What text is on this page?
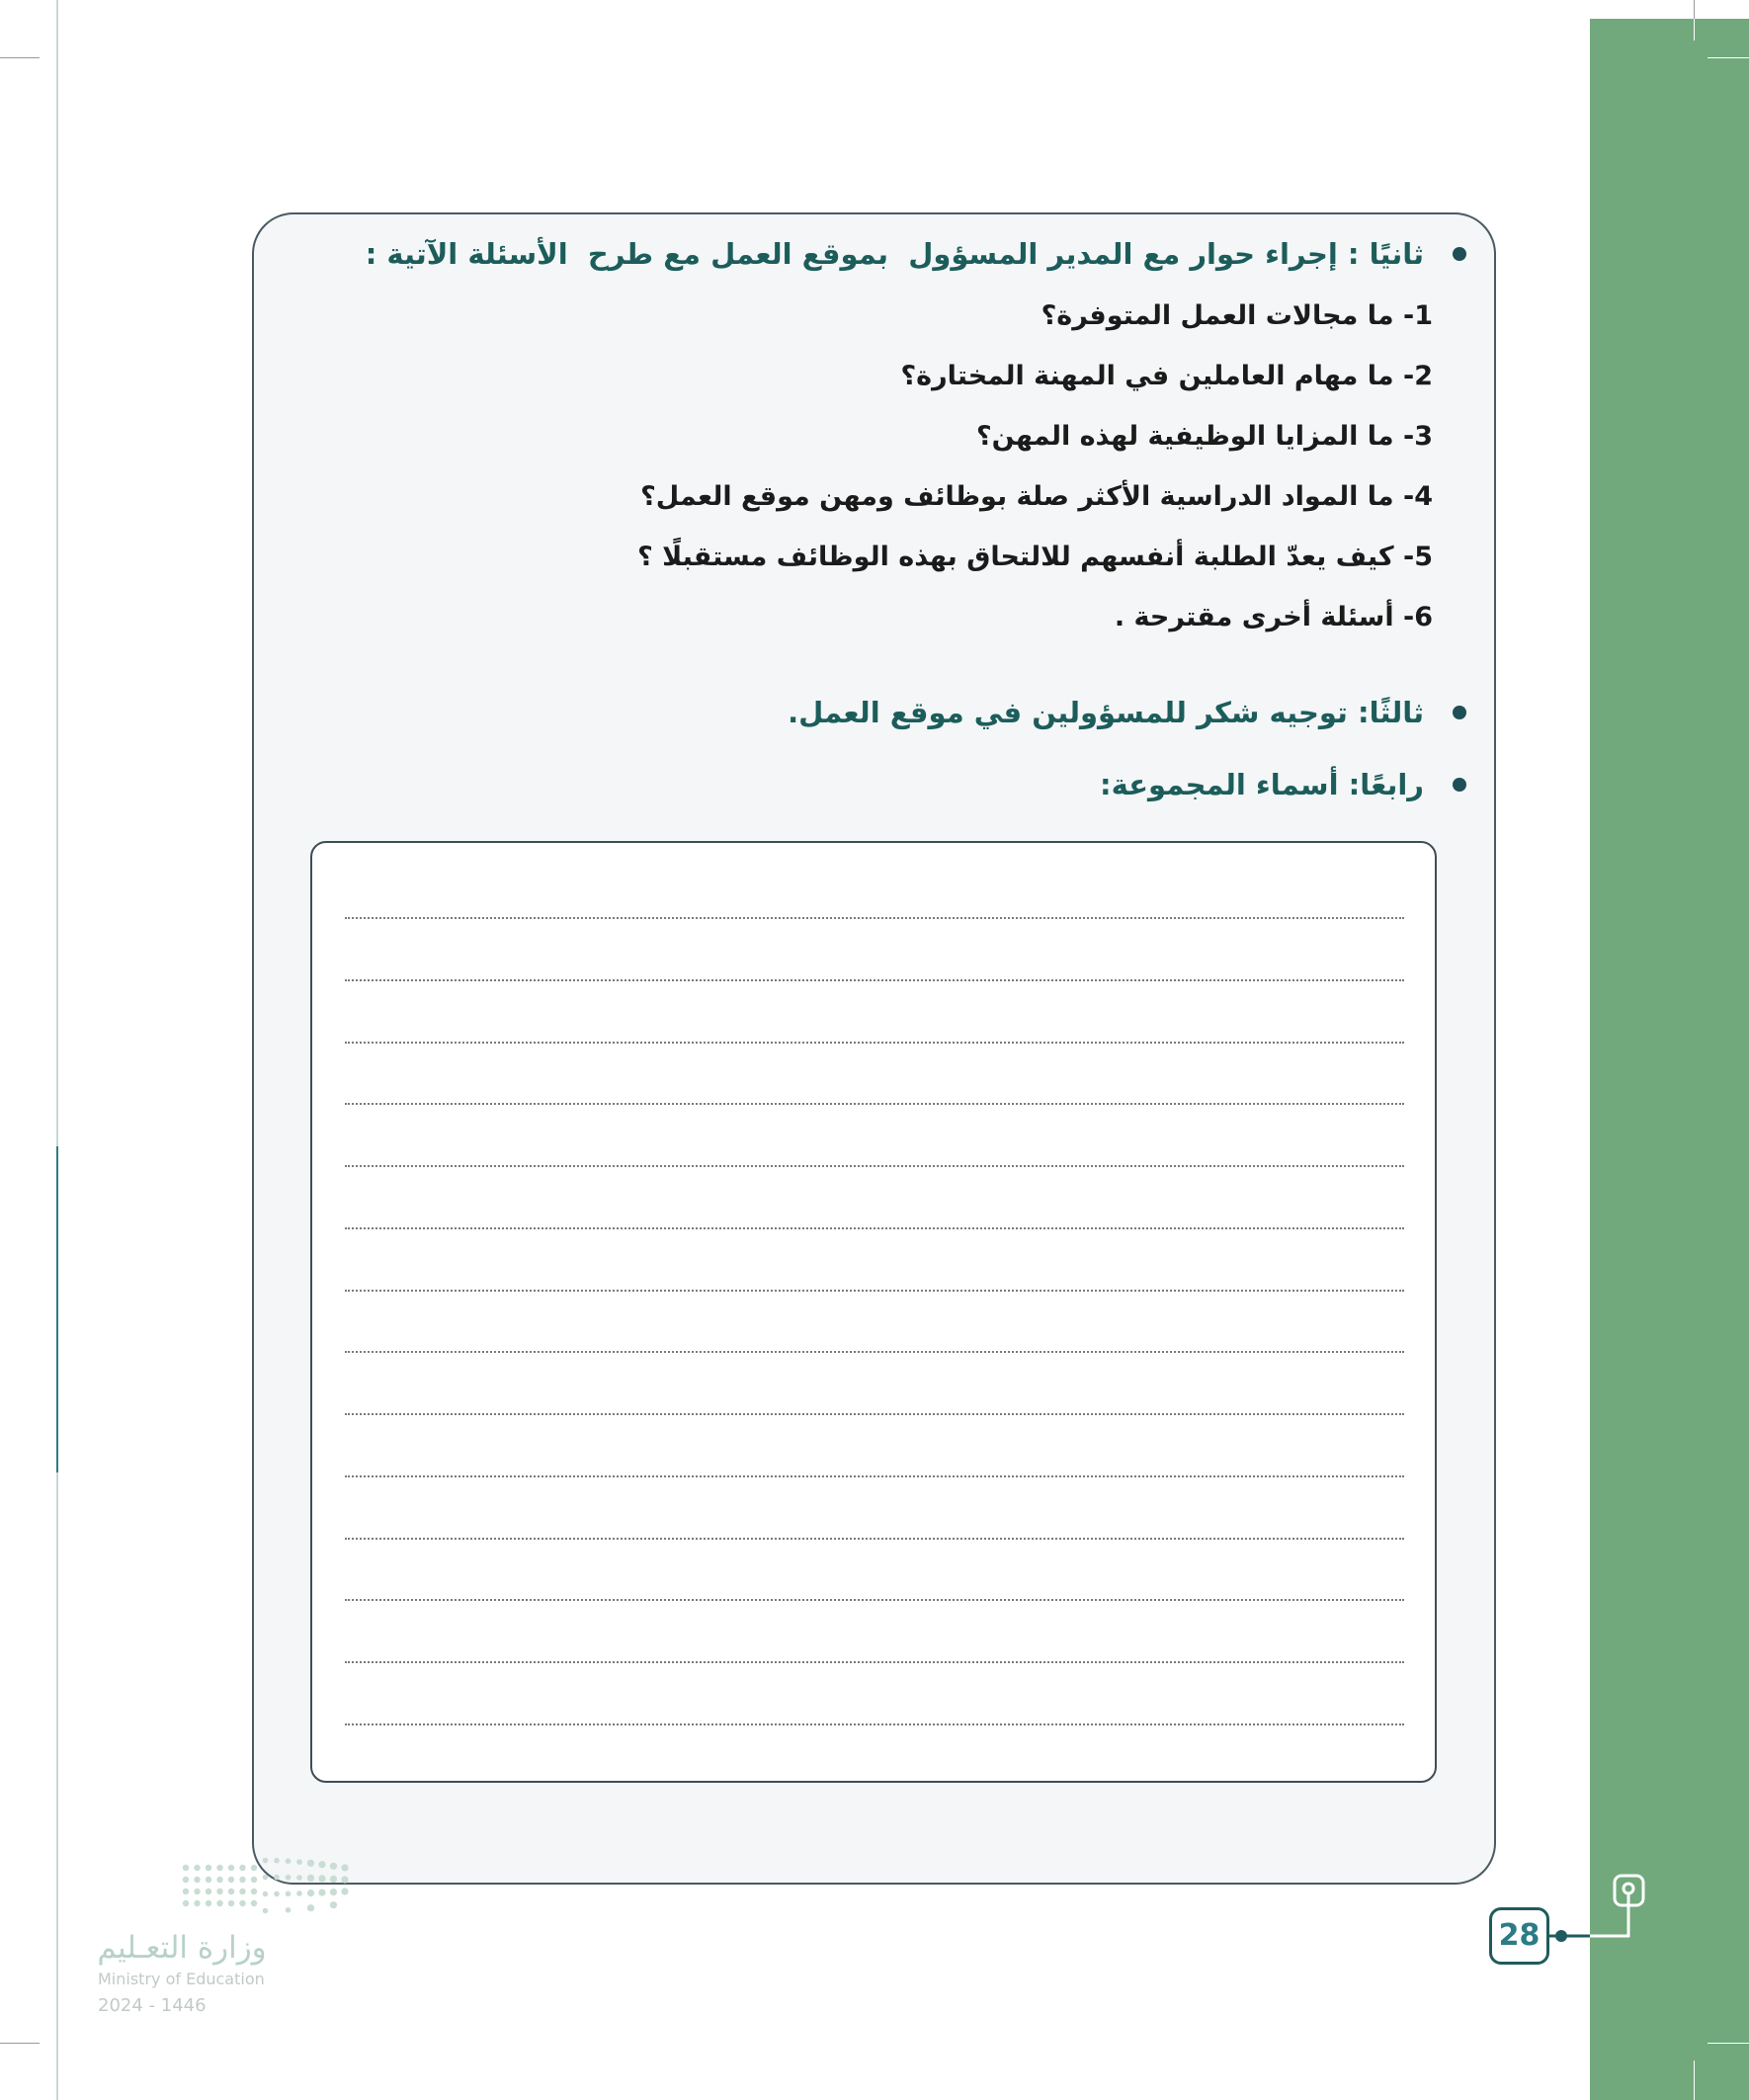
ثانيًا : إجراء حوار مع المدير المسؤول  بموقع العمل مع طرح  الأسئلة الآتية :
1- ما مجالات العمل المتوفرة؟
2- ما مهام العاملين في المهنة المختارة؟
3- ما المزايا الوظيفية لهذه المهن؟
4- ما المواد الدراسية الأكثر صلة بوظائف ومهن موقع العمل؟
5- كيف يعدّ الطلبة أنفسهم للالتحاق بهذه الوظائف مستقبلًا ؟
6- أسئلة أخرى مقترحة .
ثالثًا: توجيه شكر للمسؤولين في موقع العمل.
رابعًا: أسماء المجموعة:
28
وزارة التعـليم
Ministry of Education
2024 - 1446
